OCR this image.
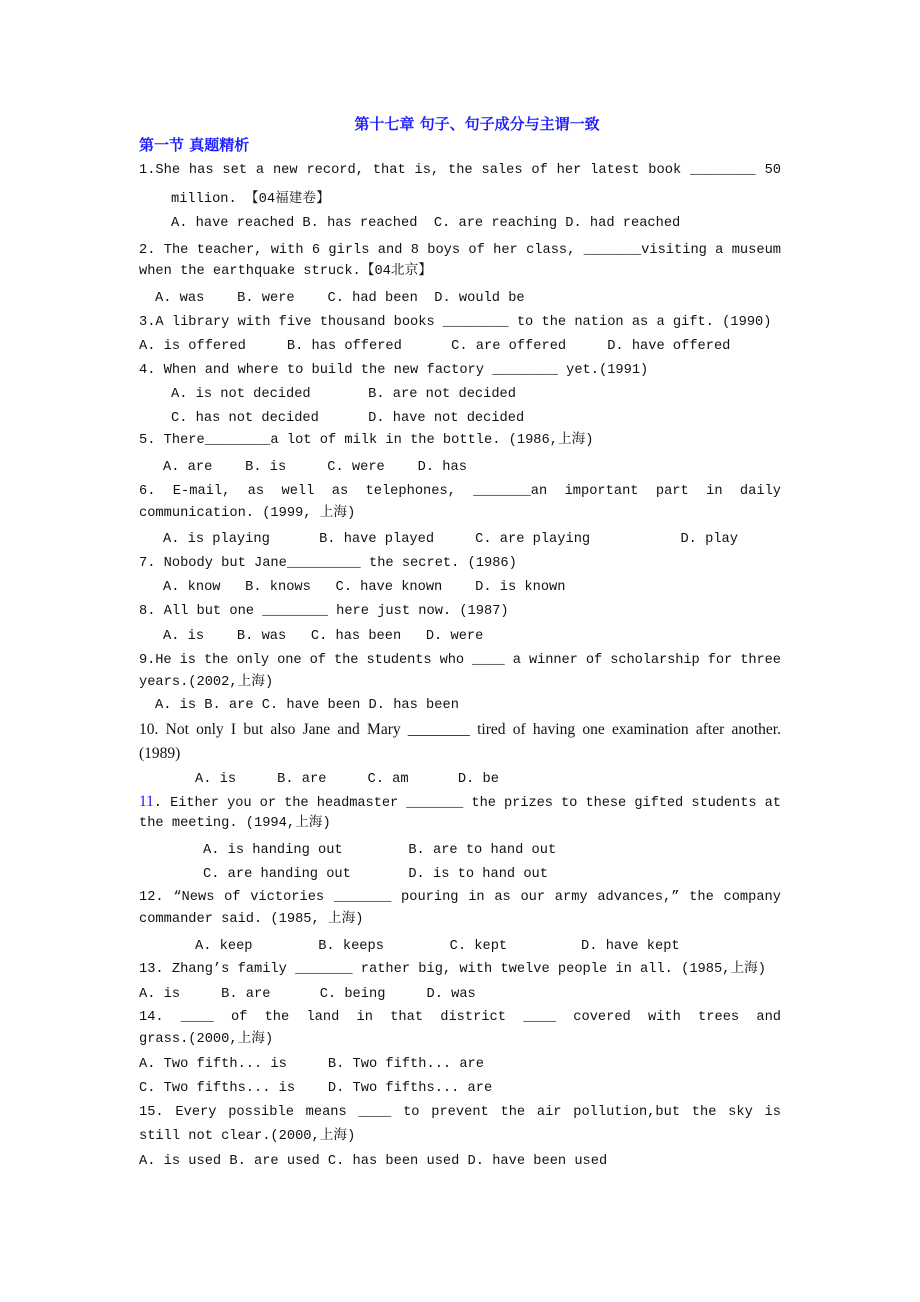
第十七章 句子、句子成分与主谓一致
第一节 真题精析
1.She has set a new record, that is, the sales of her latest book ________ 50
million. 【04福建卷】
A. have reached B. has reached  C. are reaching D. had reached
2. The teacher, with 6 girls and 8 boys of her class, _______visiting a museum
when the earthquake struck.【04北京】
A. was    B. were    C. had been  D. would be
3.A library with five thousand books ________ to the nation as a gift. (1990)
A. is offered     B. has offered      C. are offered     D. have offered
4. When and where to build the new factory ________ yet.(1991)
A. is not decided       B. are not decided
C. has not decided      D. have not decided
5. There________a lot of milk in the bottle. (1986,上海)
A. are    B. is     C. were    D. has
6. E-mail, as well as telephones, _______an important part in daily
communication. (1999, 上海)
A. is playing      B. have played     C. are playing           D. play
7. Nobody but Jane_________ the secret. (1986)
A. know   B. knows   C. have known    D. is known
8. All but one ________ here just now. (1987)
A. is    B. was   C. has been   D. were
9.He is the only one of the students who ____ a winner of scholarship for three
years.(2002,上海)
A. is B. are C. have been D. has been
10. Not only I but also Jane and Mary ________ tired of having one examination after another.
(1989)
A. is     B. are     C. am      D. be
11. Either you or the headmaster _______ the prizes to these gifted students at
the meeting. (1994,上海)
A. is handing out        B. are to hand out
C. are handing out       D. is to hand out
12. “News of victories _______ pouring in as our army advances,” the company
commander said. (1985, 上海)
A. keep        B. keeps        C. kept         D. have kept
13. Zhang’s family _______ rather big, with twelve people in all. (1985,上海)
A. is     B. are      C. being     D. was
14. ____ of the land in that district ____ covered with trees and
grass.(2000,上海)
A. Two fifth... is     B. Two fifth... are
C. Two fifths... is    D. Two fifths... are
15. Every possible means ____ to prevent the air pollution,but the sky is
still not clear.(2000,上海)
A. is used B. are used C. has been used D. have been used
